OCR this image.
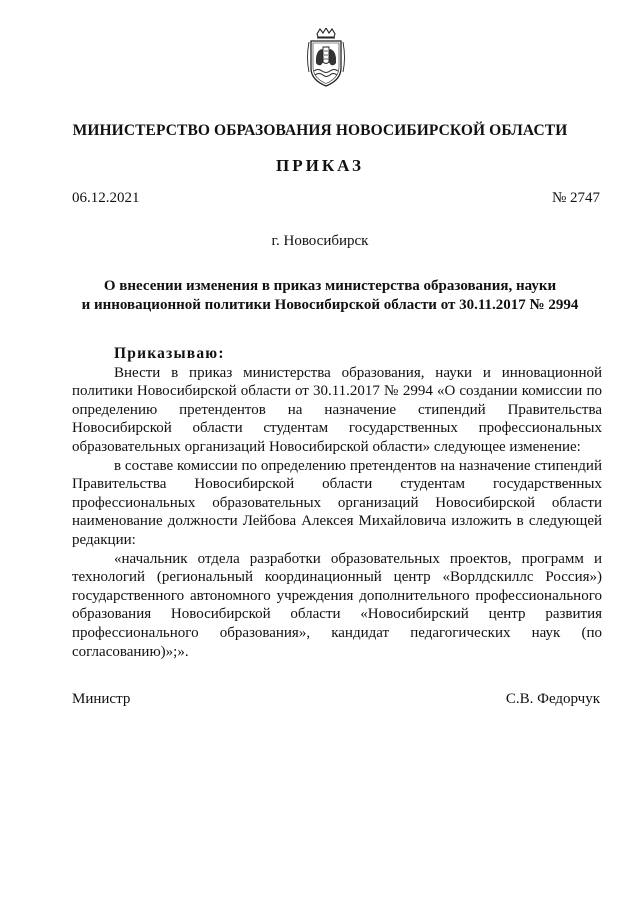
МИНИСТЕРСТВО ОБРАЗОВАНИЯ НОВОСИБИРСКОЙ ОБЛАСТИ
ПРИКАЗ
06.12.2021	№ 2747
г. Новосибирск
О внесении изменения в приказ министерства образования, науки
и инновационной политики Новосибирской области от 30.11.2017 № 2994
Приказываю:

Внести в приказ министерства образования, науки и инновационной политики Новосибирской области от 30.11.2017 № 2994 «О создании комиссии по определению претендентов на назначение стипендий Правительства Новосибирской области студентам государственных профессиональных образовательных организаций Новосибирской области» следующее изменение:

в составе комиссии по определению претендентов на назначение стипендий Правительства Новосибирской области студентам государственных профессиональных образовательных организаций Новосибирской области наименование должности Лейбова Алексея Михайловича изложить в следующей редакции:

«начальник отдела разработки образовательных проектов, программ и технологий (региональный координационный центр «Ворлдскиллс Россия») государственного автономного учреждения дополнительного профессионального образования Новосибирской области «Новосибирский центр развития профессионального образования», кандидат педагогических наук (по согласованию)»;».

Министр	С.В. Федорчук
